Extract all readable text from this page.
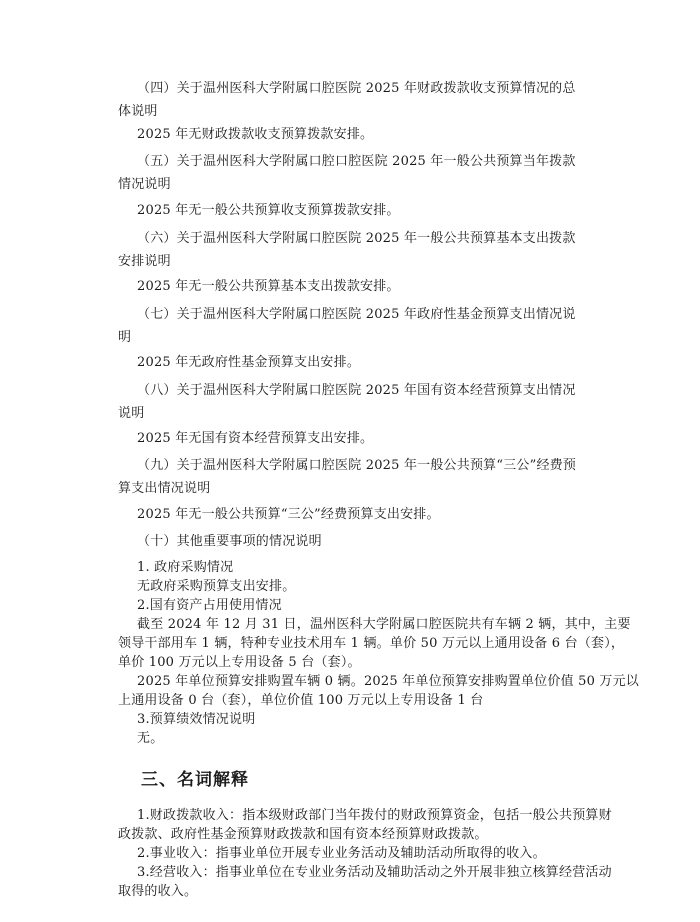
（四）关于温州医科大学附属口腔医院 2025 年财政拨款收支预算情况的总
体说明
2025 年无财政拨款收支预算拨款安排。
（五）关于温州医科大学附属口腔口腔医院 2025 年一般公共预算当年拨款
情况说明
2025 年无一般公共预算收支预算拨款安排。
（六）关于温州医科大学附属口腔医院 2025 年一般公共预算基本支出拨款
安排说明
2025 年无一般公共预算基本支出拨款安排。
（七）关于温州医科大学附属口腔医院 2025 年政府性基金预算支出情况说
明
2025 年无政府性基金预算支出安排。
（八）关于温州医科大学附属口腔医院 2025 年国有资本经营预算支出情况
说明
2025 年无国有资本经营预算支出安排。
（九）关于温州医科大学附属口腔医院 2025 年一般公共预算“三公”经费预
算支出情况说明
2025 年无一般公共预算“三公”经费预算支出安排。
（十）其他重要事项的情况说明
1. 政府采购情况
无政府采购预算支出安排。
2.国有资产占用使用情况
截至 2024 年 12 月 31 日，温州医科大学附属口腔医院共有车辆 2 辆，其中，主要
领导干部用车 1 辆，特种专业技术用车 1 辆。单价 50 万元以上通用设备 6 台（套），
单价 100 万元以上专用设备 5 台（套）。
2025 年单位预算安排购置车辆 0 辆。2025 年单位预算安排购置单位价值 50 万元以
上通用设备 0 台（套），单位价值 100 万元以上专用设备 1 台
3.预算绩效情况说明
无。
三、名词解释
1.财政拨款收入：指本级财政部门当年拨付的财政预算资金，包括一般公共预算财
政拨款、政府性基金预算财政拨款和国有资本经预算财政拨款。
2.事业收入：指事业单位开展专业业务活动及辅助活动所取得的收入。
3.经营收入：指事业单位在专业业务活动及辅助活动之外开展非独立核算经营活动
取得的收入。
